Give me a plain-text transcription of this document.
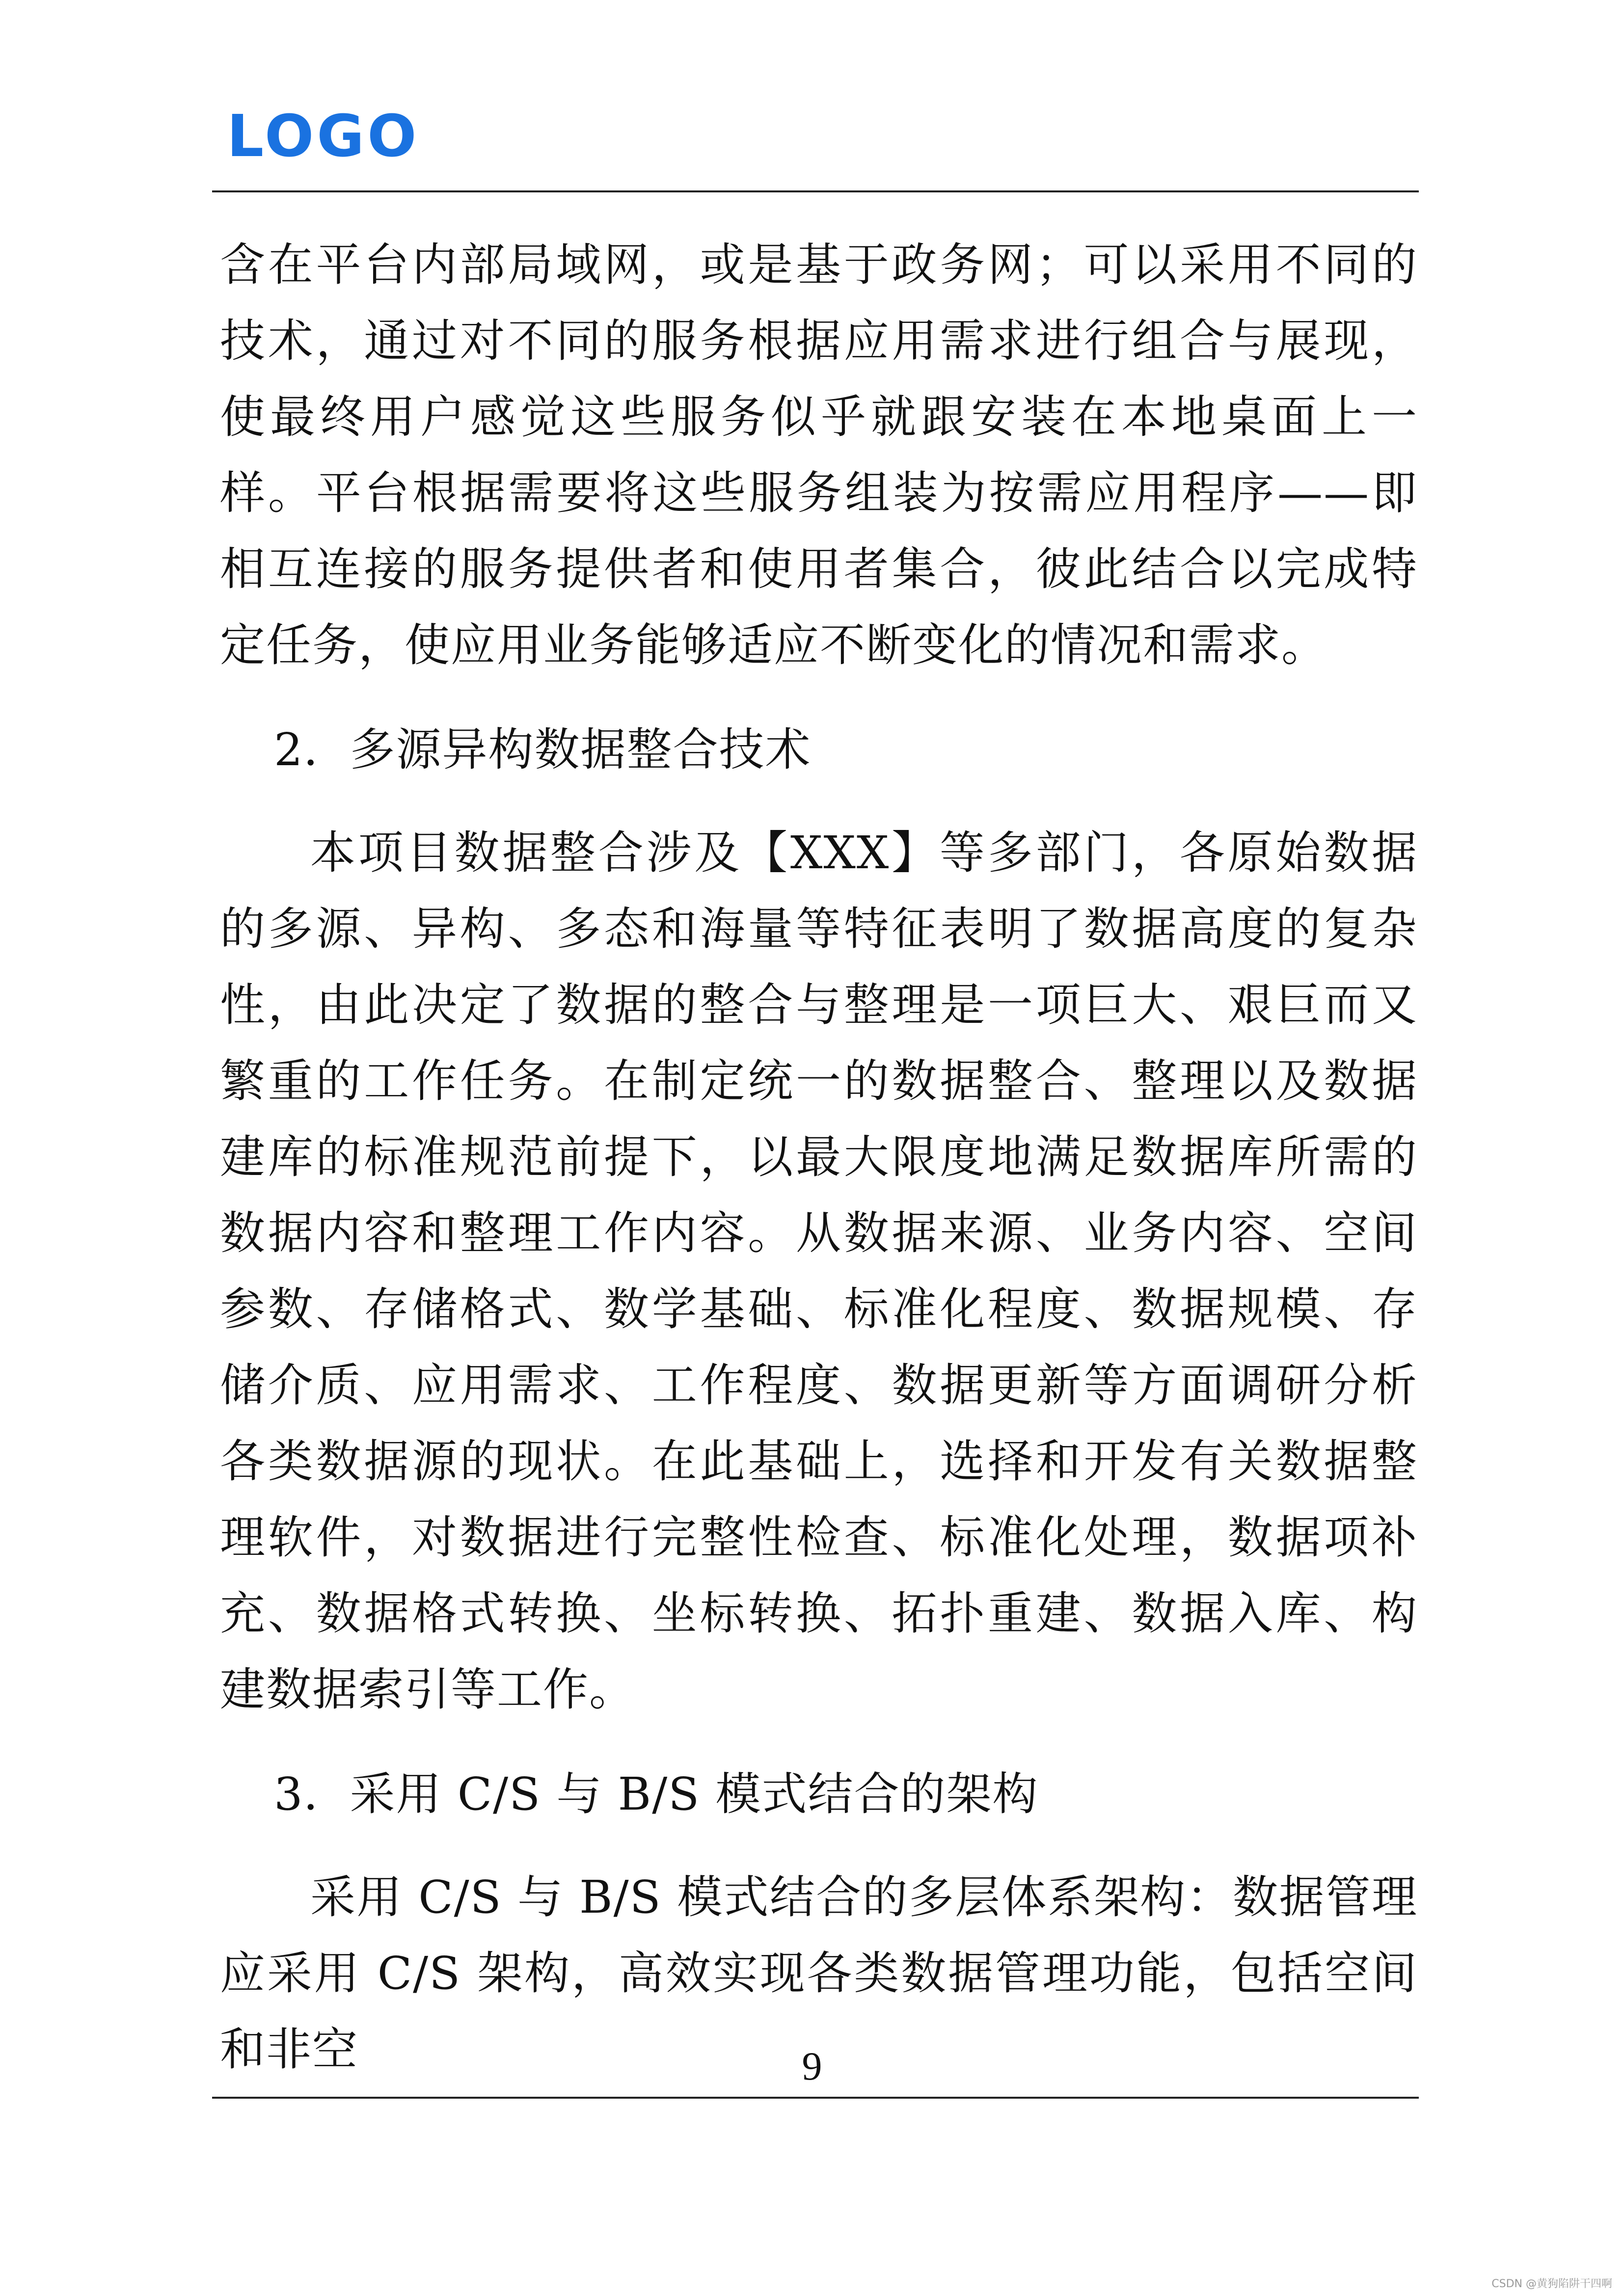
LOGO

含在平台内部局域网，或是基于政务网；可以采用不同的技术，通过对不同的服务根据应用需求进行组合与展现，使最终用户感觉这些服务似乎就跟安装在本地桌面上一样。平台根据需要将这些服务组装为按需应用程序——即相互连接的服务提供者和使用者集合，彼此结合以完成特定任务，使应用业务能够适应不断变化的情况和需求。

2．多源异构数据整合技术

本项目数据整合涉及【XXX】等多部门，各原始数据的多源、异构、多态和海量等特征表明了数据高度的复杂性，由此决定了数据的整合与整理是一项巨大、艰巨而又繁重的工作任务。在制定统一的数据整合、整理以及数据建库的标准规范前提下，以最大限度地满足数据库所需的数据内容和整理工作内容。从数据来源、业务内容、空间参数、存储格式、数学基础、标准化程度、数据规模、存储介质、应用需求、工作程度、数据更新等方面调研分析各类数据源的现状。在此基础上，选择和开发有关数据整理软件，对数据进行完整性检查、标准化处理，数据项补充、数据格式转换、坐标转换、拓扑重建、数据入库、构建数据索引等工作。

3．采用 C/S 与 B/S 模式结合的架构

采用 C/S 与 B/S 模式结合的多层体系架构：数据管理应采用 C/S 架构，高效实现各类数据管理功能，包括空间和非空	9
CSDN @黄狗陷阱干四啊
